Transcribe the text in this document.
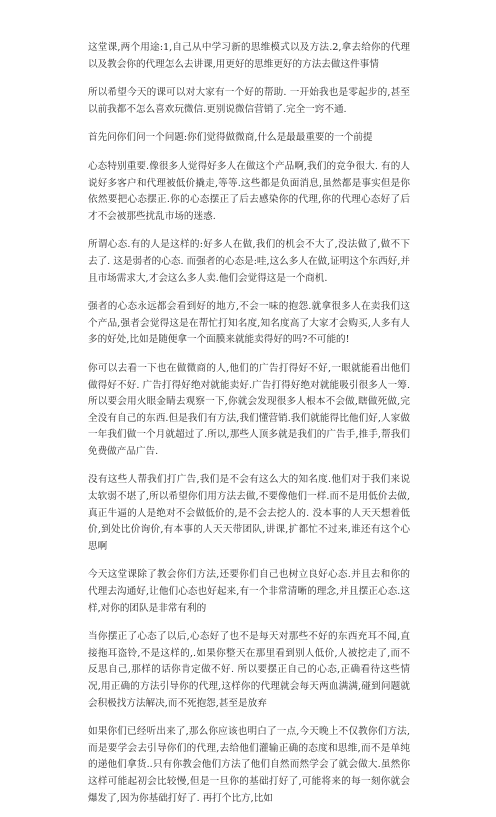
这堂课,两个用途:1,自己从中学习新的思维模式以及方法.2,拿去给你的代理以及教会你的代理怎么去讲课,用更好的思维更好的方法去做这件事情

所以希望今天的课可以对大家有一个好的帮助. 一开始我也是零起步的,甚至以前我都不怎么喜欢玩微信.更别说微信营销了.完全一窍不通.

首先问你们问一个问题:你们觉得做微商,什么是最最重要的一个前提

心态特别重要.像很多人觉得好多人在做这个产品啊,我们的竞争很大. 有的人说好多客户和代理被低价撬走,等等.这些都是负面消息,虽然都是事实但是你依然要把心态摆正.你的心态摆正了后去感染你的代理,你的代理心态好了后才不会被那些扰乱市场的迷惑.

所谓心态.有的人是这样的:好多人在做,我们的机会不大了,没法做了,做不下去了. 这是弱者的心态. 而强者的心态是:哇,这么多人在做,证明这个东西好,并且市场需求大,才会这么多人卖.他们会觉得这是一个商机.

强者的心态永远都会看到好的地方,不会一味的抱怨.就拿很多人在卖我们这个产品,强者会觉得这是在帮忙打知名度,知名度高了大家才会购买,人多有人多的好处,比如是随便拿一个面膜来就能卖得好的吗?不可能的!

你可以去看一下也在做微商的人,他们的广告打得好不好,一眼就能看出他们做得好不好. 广告打得好绝对就能卖好.广告打得好绝对就能吸引很多人一筹.所以要会用火眼金睛去观察一下,你就会发现很多人根本不会做,瞎做死做,完全没有自己的东西.但是我们有方法,我们懂营销.我们就能得比他们好,人家做一年我们做一个月就超过了.所以,那些人顶多就是我们的广告手,推手,帮我们免费做产品广告.

没有这些人帮我们打广告,我们是不会有这么大的知名度.他们对于我们来说太软弱不堪了,所以希望你们用方法去做,不要像他们一样.而不是用低价去做,真正牛逼的人是绝对不会做低价的,是不会去挖人的. 没本事的人天天想着低价,到处比价询价,有本事的人天天带团队,讲课,扩都忙不过来,谁还有这个心思啊

今天这堂课除了教会你们方法,还要你们自己也树立良好心态.并且去和你的代理去沟通好,让他们心态也好起来,有一个非常清晰的理念,并且摆正心态.这样,对你的团队是非常有利的

当你摆正了心态了以后,心态好了也不是每天对那些不好的东西充耳不闻,直接拖耳盗铃,不是这样的,.如果你整天在那里看到别人低价,人被挖走了,而不反思自己,那样的话你肯定做不好. 所以要摆正自己的心态,正确看待这些情况,用正确的方法引导你的代理,这样你的代理就会每天两血满满,碰到问题就会积极找方法解决,而不死抱怨,甚至是放弃

如果你们已经听出来了,那么你应该也明白了一点,今天晚上不仅教你们方法,而是要学会去引导你们的代理,去给他们灌输正确的态度和思维,而不是单纯的递他们拿货..只有你教会他们方法了他们自然而然学会了就会做大.虽然你这样可能起初会比较慢,但是一旦你的基础打好了,可能将来的每一刻你就会爆发了,因为你基础打好了. 再打个比方,比如
